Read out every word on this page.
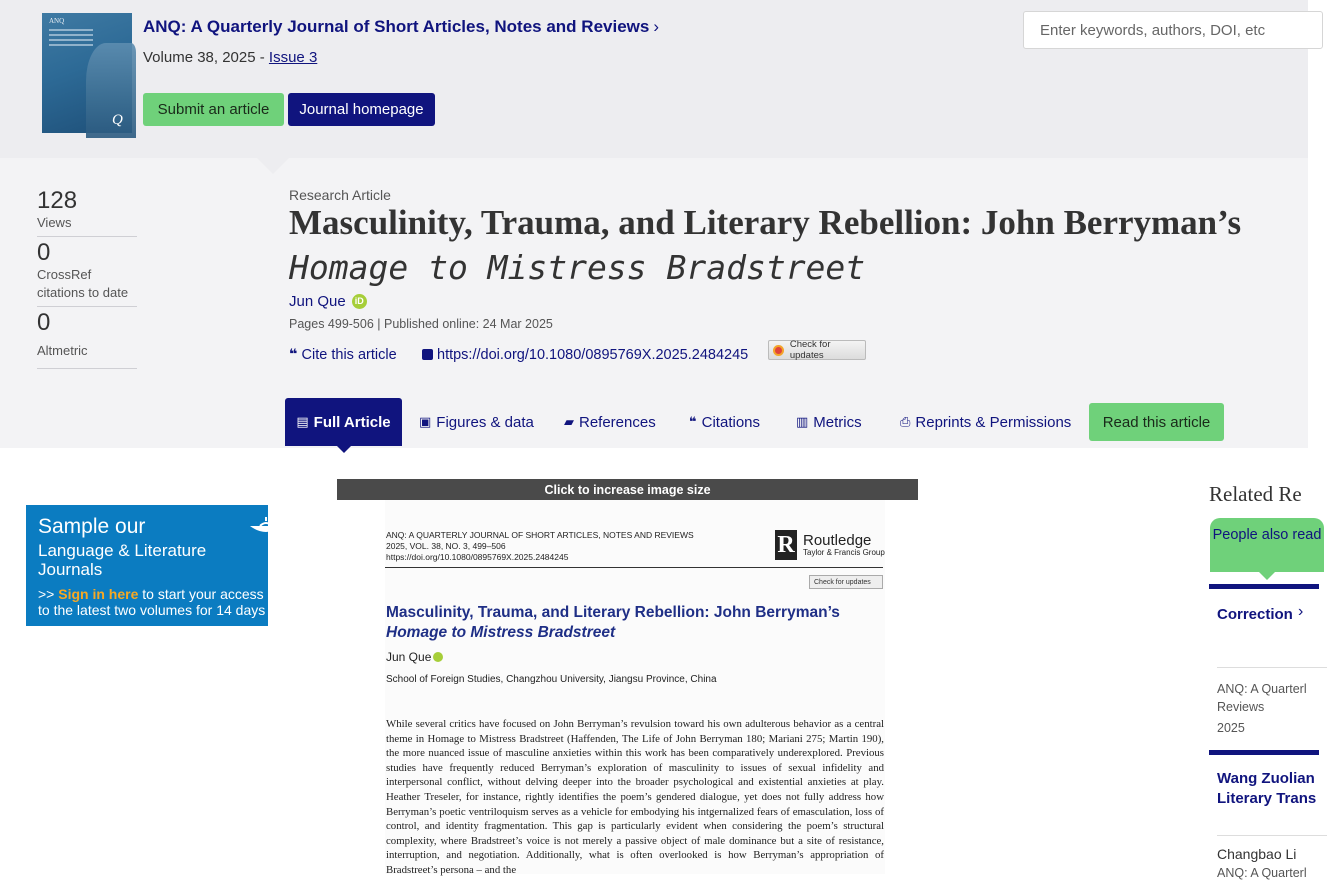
ANQ
Q
ANQ: A Quarterly Journal of Short Articles, Notes and Reviews ›
Volume 38, 2025 - Issue 3
Submit an article	Journal homepage
Enter keywords, authors, DOI, etc
128
Views
0
CrossRef citations to date
0
Altmetric
Research Article
Masculinity, Trauma, and Literary Rebellion: John Berryman’s
Homage to Mistress Bradstreet
Jun Que	iD
Pages 499-506 | Published online: 24 Mar 2025
❝ Cite this article	https://doi.org/10.1080/0895769X.2025.2484245
Check for updates
▤ Full Article ▣ Figures & data ▰ References	❝ Citations	▥ Metrics	⎙ Reprints & Permissions	Read this article
Sample our
Language & Literature
Journals
>> Sign in here to start your access
to the latest two volumes for 14 days
Click to increase image size
ANQ: A QUARTERLY JOURNAL OF SHORT ARTICLES, NOTES AND REVIEWS
2025, VOL. 38, NO. 3, 499–506
https://doi.org/10.1080/0895769X.2025.2484245	R Routledge
Taylor & Francis Group
Check for updates
Masculinity, Trauma, and Literary Rebellion: John Berryman’s
Homage to Mistress Bradstreet
Jun Que
School of Foreign Studies, Changzhou University, Jiangsu Province, China
While several critics have focused on John Berryman’s revulsion toward his own adulterous behavior as a central theme in Homage to Mistress Bradstreet (Haffenden, The Life of John Berryman 180; Mariani 275; Martin 190), the more nuanced issue of masculine anxieties within this work has been comparatively underexplored. Previous studies have frequently reduced Berryman’s exploration of masculinity to issues of sexual infidelity and interpersonal conflict, without delving deeper into the broader psychological and existential anxieties at play. Heather Treseler, for instance, rightly identifies the poem’s gendered dialogue, yet does not fully address how Berryman’s poetic ventriloquism serves as a vehicle for embodying his intgernalized fears of emasculation, loss of control, and identity fragmentation. This gap is particularly evident when considering the poem’s structural complexity, where Bradstreet’s voice is not merely a passive object of male dominance but a site of resistance, interruption, and negotiation. Additionally, what is often overlooked is how Berryman’s appropriation of Bradstreet’s persona – and the
Related Re
People also read
Correction ›
ANQ: A Quarterl
Reviews
2025
Wang Zuolian
Literary Trans
Changbao Li
ANQ: A Quarterl
